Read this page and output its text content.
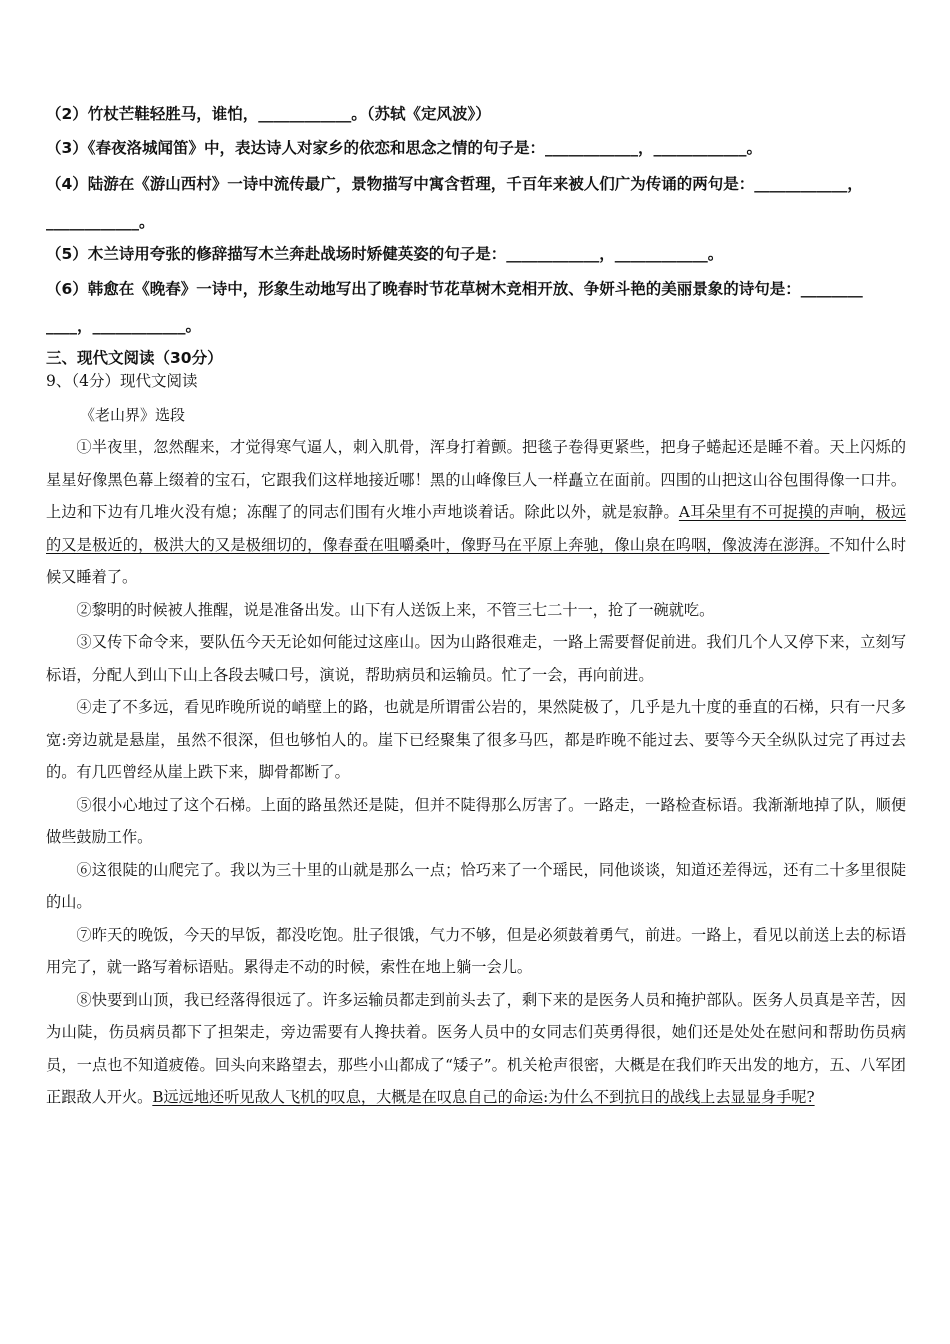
（2）竹杖芒鞋轻胜马，谁怕，____________。（苏轼《定风波》）
（3）《春夜洛城闻笛》中，表达诗人对家乡的依恋和思念之情的句子是：____________，____________。
（4）陆游在《游山西村》一诗中流传最广，景物描写中寓含哲理，千百年来被人们广为传诵的两句是：____________，
____________。
（5）木兰诗用夸张的修辞描写木兰奔赴战场时矫健英姿的句子是：____________，____________。
（6）韩愈在《晚春》一诗中，形象生动地写出了晚春时节花草树木竞相开放、争妍斗艳的美丽景象的诗句是：________
____，____________。
三、现代文阅读（30分）
9、（4分）现代文阅读
《老山界》选段

①半夜里，忽然醒来，才觉得寒气逼人，刺入肌骨，浑身打着颤。把毯子卷得更紧些，把身子蜷起还是睡不着。天上闪烁的星星好像黑色幕上缀着的宝石，它跟我们这样地接近哪！黑的山峰像巨人一样矗立在面前。四围的山把这山谷包围得像一口井。上边和下边有几堆火没有熄；冻醒了的同志们围有火堆小声地谈着话。除此以外，就是寂静。A耳朵里有不可捉摸的声响，极远的又是极近的，极洪大的又是极细切的，像春蚕在咀嚼桑叶，像野马在平原上奔驰，像山泉在呜咽，像波涛在澎湃。不知什么时候又睡着了。

②黎明的时候被人推醒，说是准备出发。山下有人送饭上来，不管三七二十一，抢了一碗就吃。

③又传下命令来，要队伍今天无论如何能过这座山。因为山路很难走，一路上需要督促前进。我们几个人又停下来，立刻写标语，分配人到山下山上各段去喊口号，演说，帮助病员和运输员。忙了一会，再向前进。

④走了不多远，看见昨晚所说的峭壁上的路，也就是所谓雷公岩的，果然陡极了，几乎是九十度的垂直的石梯，只有一尺多宽:旁边就是悬崖，虽然不很深，但也够怕人的。崖下已经聚集了很多马匹，都是昨晚不能过去、要等今天全纵队过完了再过去的。有几匹曾经从崖上跌下来，脚骨都断了。

⑤很小心地过了这个石梯。上面的路虽然还是陡，但并不陡得那么厉害了。一路走，一路检查标语。我渐渐地掉了队，顺便做些鼓励工作。

⑥这很陡的山爬完了。我以为三十里的山就是那么一点；恰巧来了一个瑶民，同他谈谈，知道还差得远，还有二十多里很陡的山。

⑦昨天的晚饭，今天的早饭，都没吃饱。肚子很饿，气力不够，但是必须鼓着勇气，前进。一路上，看见以前送上去的标语用完了，就一路写着标语贴。累得走不动的时候，索性在地上躺一会儿。

⑧快要到山顶，我已经落得很远了。许多运输员都走到前头去了，剩下来的是医务人员和掩护部队。医务人员真是辛苦，因为山陡，伤员病员都下了担架走，旁边需要有人搀扶着。医务人员中的女同志们英勇得很，她们还是处处在慰问和帮助伤员病员，一点也不知道疲倦。回头向来路望去，那些小山都成了“矮子”。机关枪声很密，大概是在我们昨天出发的地方，五、八军团正跟敌人开火。B远远地还听见敌人飞机的叹息，大概是在叹息自己的命运:为什么不到抗日的战线上去显显身手呢?
